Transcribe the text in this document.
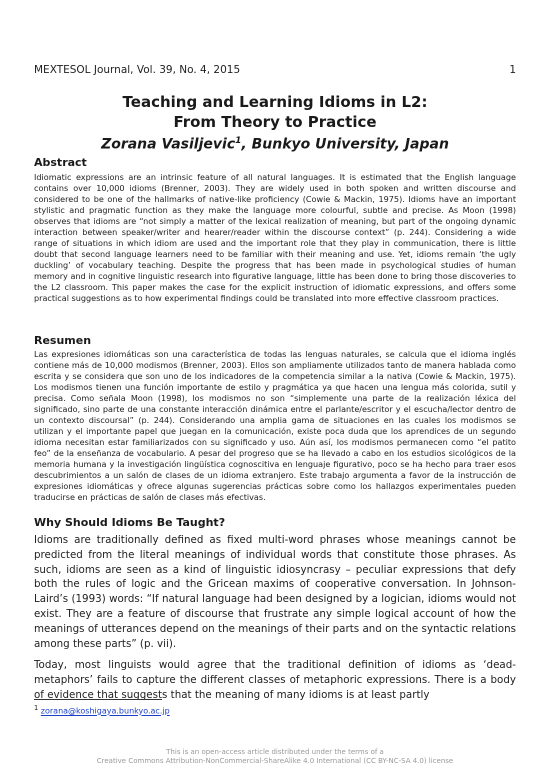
MEXTESOL Journal, Vol. 39, No. 4, 2015	1
Teaching and Learning Idioms in L2:
From Theory to Practice
Zorana Vasiljevic$^1$, Bunkyo University, Japan
Abstract
Idiomatic expressions are an intrinsic feature of all natural languages. It is estimated that the English language contains over 10,000 idioms (Brenner, 2003). They are widely used in both spoken and written discourse and considered to be one of the hallmarks of native-like proficiency (Cowie & Mackin, 1975). Idioms have an important stylistic and pragmatic function as they make the language more colourful, subtle and precise. As Moon (1998) observes that idioms are “not simply a matter of the lexical realization of meaning, but part of the ongoing dynamic interaction between speaker/writer and hearer/reader within the discourse context” (p. 244). Considering a wide range of situations in which idiom are used and the important role that they play in communication, there is little doubt that second language learners need to be familiar with their meaning and use. Yet, idioms remain ‘the ugly duckling’ of vocabulary teaching. Despite the progress that has been made in psychological studies of human memory and in cognitive linguistic research into figurative language, little has been done to bring those discoveries to the L2 classroom. This paper makes the case for the explicit instruction of idiomatic expressions, and offers some practical suggestions as to how experimental findings could be translated into more effective classroom practices.
Resumen
Las expresiones idiomáticas son una característica de todas las lenguas naturales, se calcula que el idioma inglés contiene más de 10,000 modismos (Brenner, 2003). Ellos son ampliamente utilizados tanto de manera hablada como escrita y se considera que son uno de los indicadores de la competencia similar a la nativa (Cowie & Mackin, 1975). Los modismos tienen una función importante de estilo y pragmática ya que hacen una lengua más colorida, sutil y precisa. Como señala Moon (1998), los modismos no son “simplemente una parte de la realización léxica del significado, sino parte de una constante interacción dinámica entre el parlante/escritor y el escucha/lector dentro de un contexto discoursal” (p. 244). Considerando una amplia gama de situaciones en las cuales los modismos se utilizan y el importante papel que juegan en la comunicación, existe poca duda que los aprendices de un segundo idioma necesitan estar familiarizados con su significado y uso. Aún así, los modismos permanecen como “el patito feo” de la enseñanza de vocabulario. A pesar del progreso que se ha llevado a cabo en los estudios sicológicos de la memoria humana y la investigación lingüística cognoscitiva en lenguaje figurativo, poco se ha hecho para traer esos descubrimientos a un salón de clases de un idioma extranjero. Este trabajo argumenta a favor de la instrucción de expresiones idiomáticas y ofrece algunas sugerencias prácticas sobre como los hallazgos experimentales pueden traducirse en prácticas de salón de clases más efectivas.
Why Should Idioms Be Taught?

Idioms are traditionally defined as fixed multi-word phrases whose meanings cannot be predicted from the literal meanings of individual words that constitute those phrases. As such, idioms are seen as a kind of linguistic idiosyncrasy – peculiar expressions that defy both the rules of logic and the Gricean maxims of cooperative conversation. In Johnson-Laird’s (1993) words: “If natural language had been designed by a logician, idioms would not exist. They are a feature of discourse that frustrate any simple logical account of how the meanings of utterances depend on the meanings of their parts and on the syntactic relations among these parts” (p. vii).

Today, most linguists would agree that the traditional definition of idioms as ‘dead-metaphors’ fails to capture the different classes of metaphoric expressions. There is a body of evidence that suggests that the meaning of many idioms is at least partly

$^1$ zorana@koshigaya.bunkyo.ac.jp
This is an open-access article distributed under the terms of a
Creative Commons Attribution-NonCommercial-ShareAlike 4.0 International (CC BY-NC-SA 4.0) license
